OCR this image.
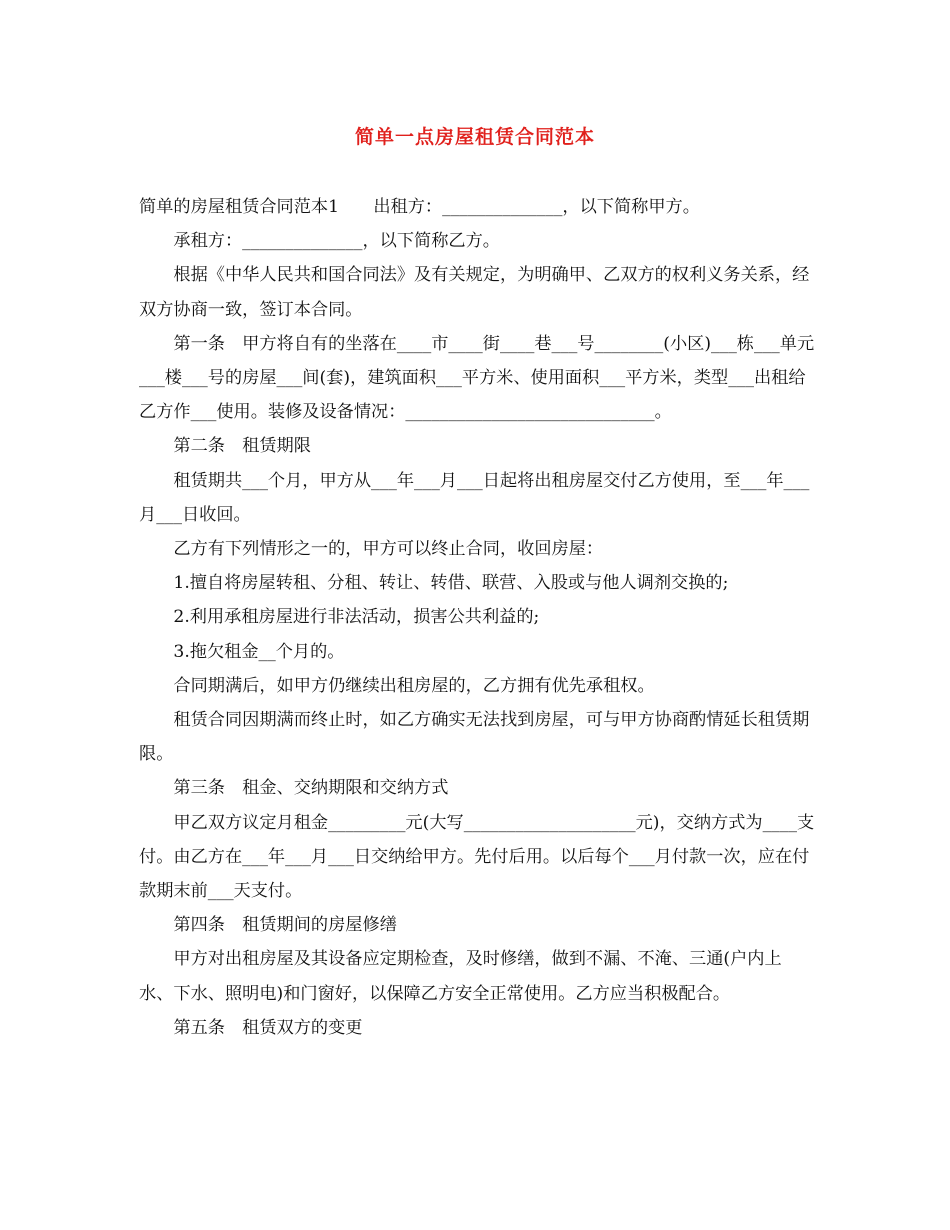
简单一点房屋租赁合同范本

简单的房屋租赁合同范本1　　出租方：______________，以下简称甲方。

承租方：______________，以下简称乙方。

根据《中华人民共和国合同法》及有关规定，为明确甲、乙双方的权利义务关系，经双方协商一致，签订本合同。

第一条　甲方将自有的坐落在____市____街____巷___号________(小区)___栋___单元___楼___号的房屋___间(套)，建筑面积___平方米、使用面积___平方米，类型___出租给乙方作___使用。装修及设备情况：_____________________________。

第二条　租赁期限

租赁期共___个月，甲方从___年___月___日起将出租房屋交付乙方使用，至___年___月___日收回。

乙方有下列情形之一的，甲方可以终止合同，收回房屋：

1.擅自将房屋转租、分租、转让、转借、联营、入股或与他人调剂交换的;

2.利用承租房屋进行非法活动，损害公共利益的;

3.拖欠租金__个月的。

合同期满后，如甲方仍继续出租房屋的，乙方拥有优先承租权。

租赁合同因期满而终止时，如乙方确实无法找到房屋，可与甲方协商酌情延长租赁期限。

第三条　租金、交纳期限和交纳方式

甲乙双方议定月租金_________元(大写____________________元)，交纳方式为____支付。由乙方在___年___月___日交纳给甲方。先付后用。以后每个___月付款一次，应在付款期末前___天支付。

第四条　租赁期间的房屋修缮

甲方对出租房屋及其设备应定期检查，及时修缮，做到不漏、不淹、三通(户内上水、下水、照明电)和门窗好，以保障乙方安全正常使用。乙方应当积极配合。

第五条　租赁双方的变更
